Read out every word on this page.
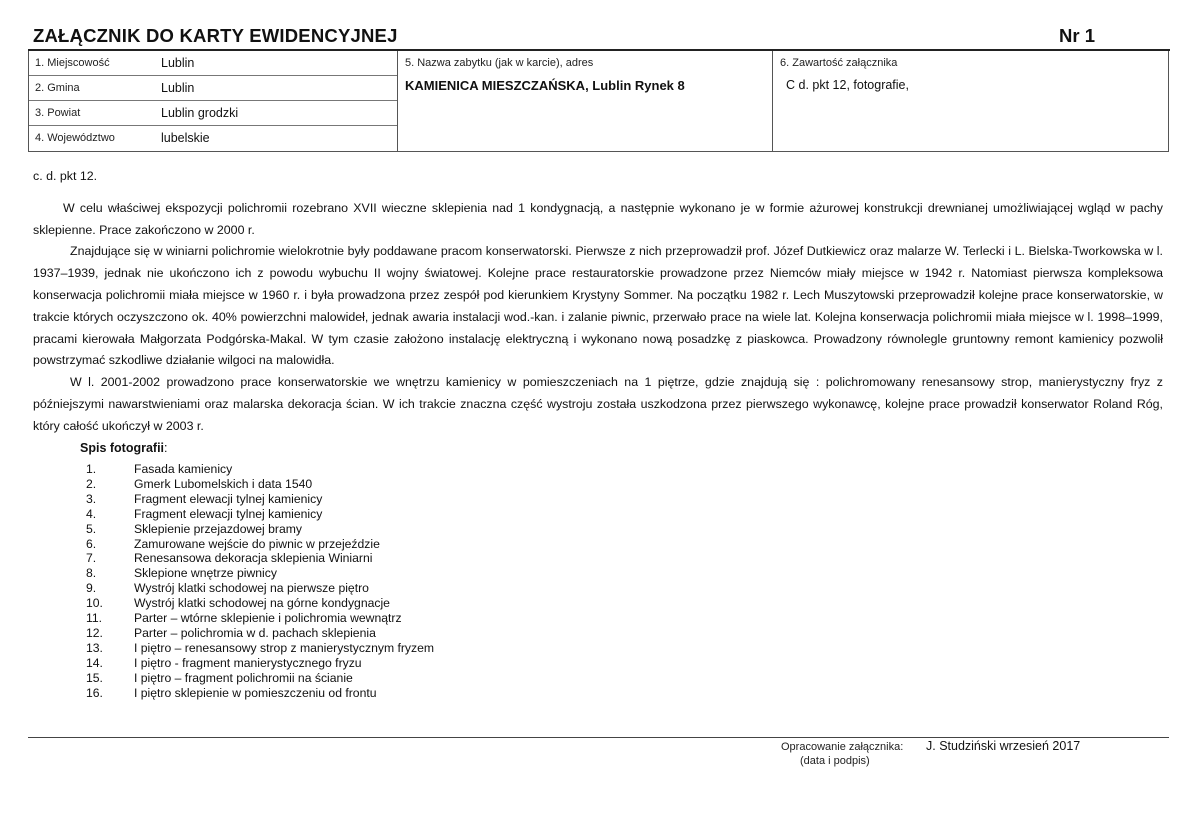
ZAŁĄCZNIK DO KARTY EWIDENCYJNEJ	Nr 1
1. Miejscowość	Lublin
2. Gmina	Lublin
3. Powiat	Lublin grodzki
4. Województwo	lubelskie
5. Nazwa zabytku (jak w karcie), adres
KAMIENICA MIESZCZAŃSKA, Lublin Rynek 8
6. Zawartość załącznika
C d. pkt 12, fotografie,

c. d. pkt 12.

W celu właściwej ekspozycji polichromii rozebrano XVII wieczne sklepienia nad 1 kondygnacją, a następnie wykonano je w formie ażurowej konstrukcji drewnianej umożliwiającej wgląd w pachy sklepienne. Prace zakończono w 2000 r.

Znajdujące się w winiarni polichromie wielokrotnie były poddawane pracom konserwatorski. Pierwsze z nich przeprowadził prof. Józef Dutkiewicz oraz malarze W. Terlecki i L. Bielska-Tworkowska w l. 1937–1939, jednak nie ukończono ich z powodu wybuchu II wojny światowej. Kolejne prace restauratorskie prowadzone przez Niemców miały miejsce w 1942 r. Natomiast pierwsza kompleksowa konserwacja polichromii miała miejsce w 1960 r. i była prowadzona przez zespół pod kierunkiem Krystyny Sommer. Na początku 1982 r. Lech Muszytowski przeprowadził kolejne prace konserwatorskie, w trakcie których oczyszczono ok. 40% powierzchni malowideł, jednak awaria instalacji wod.-kan. i zalanie piwnic, przerwało prace na wiele lat. Kolejna konserwacja polichromii miała miejsce w l. 1998–1999, pracami kierowała Małgorzata Podgórska-Makal. W tym czasie założono instalację elektryczną i wykonano nową posadzkę z piaskowca. Prowadzony równolegle gruntowny remont kamienicy pozwolił powstrzymać szkodliwe działanie wilgoci na malowidła.

W l. 2001-2002 prowadzono prace konserwatorskie we wnętrzu kamienicy w pomieszczeniach na 1 piętrze, gdzie znajdują się : polichromowany renesansowy strop, manierystyczny fryz z późniejszymi nawarstwieniami oraz malarska dekoracja ścian. W ich trakcie znaczna część wystroju została uszkodzona przez pierwszego wykonawcę, kolejne prace prowadził konserwator Roland Róg, który całość ukończył w 2003 r.

Spis fotografii:
1.	Fasada kamienicy
2.	Gmerk Lubomelskich i data 1540
3.	Fragment elewacji tylnej kamienicy
4.	Fragment elewacji tylnej kamienicy
5.	Sklepienie przejazdowej bramy
6.	Zamurowane wejście do piwnic w przejeździe
7.	Renesansowa dekoracja sklepienia Winiarni
8.	Sklepione wnętrze piwnicy
9.	Wystrój klatki schodowej na pierwsze piętro
10.	Wystrój klatki schodowej na górne kondygnacje
11.	Parter – wtórne sklepienie i polichromia wewnątrz
12.	Parter – polichromia w d. pachach sklepienia
13.	I piętro – renesansowy strop z manierystycznym fryzem
14.	I piętro - fragment manierystycznego fryzu
15.	I piętro – fragment polichromii na ścianie
16.	I piętro sklepienie w pomieszczeniu od frontu
Opracowanie załącznika:
(data i podpis)
J. Studziński wrzesień 2017
